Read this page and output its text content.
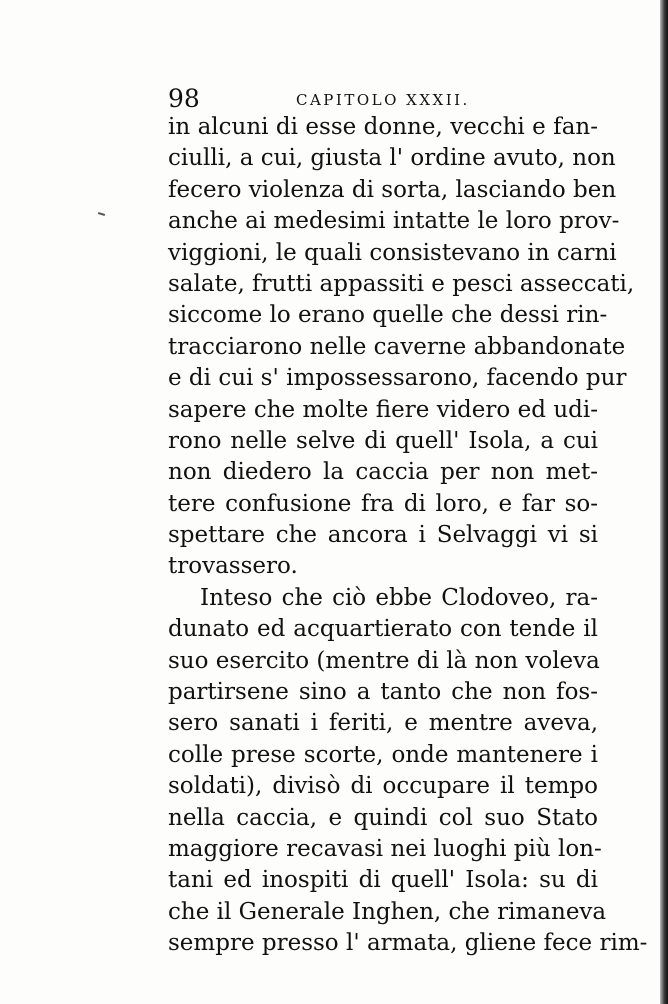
98	CAPITOLO XXXII.
in alcuni di esse donne, vecchi e fan-
ciulli, a cui, giusta l' ordine avuto, non
fecero violenza di sorta, lasciando ben
anche ai medesimi intatte le loro prov-
viggioni, le quali consistevano in carni
salate, frutti appassiti e pesci asseccati,
siccome lo erano quelle che dessi rin-
tracciarono nelle caverne abbandonate
e di cui s' impossessarono, facendo pur
sapere che molte fiere videro ed udi-
rono nelle selve di quell' Isola, a cui
non diedero la caccia per non met-
tere confusione fra di loro, e far so-
spettare che ancora i Selvaggi vi si
trovassero.
Inteso che ciò ebbe Clodoveo, ra-
dunato ed acquartierato con tende il
suo esercito (mentre di là non voleva
partirsene sino a tanto che non fos-
sero sanati i feriti, e mentre aveva,
colle prese scorte, onde mantenere i
soldati), divisò di occupare il tempo
nella caccia, e quindi col suo Stato
maggiore recavasi nei luoghi più lon-
tani ed inospiti di quell' Isola: su di
che il Generale Inghen, che rimaneva
sempre presso l' armata, gliene fece rim-
